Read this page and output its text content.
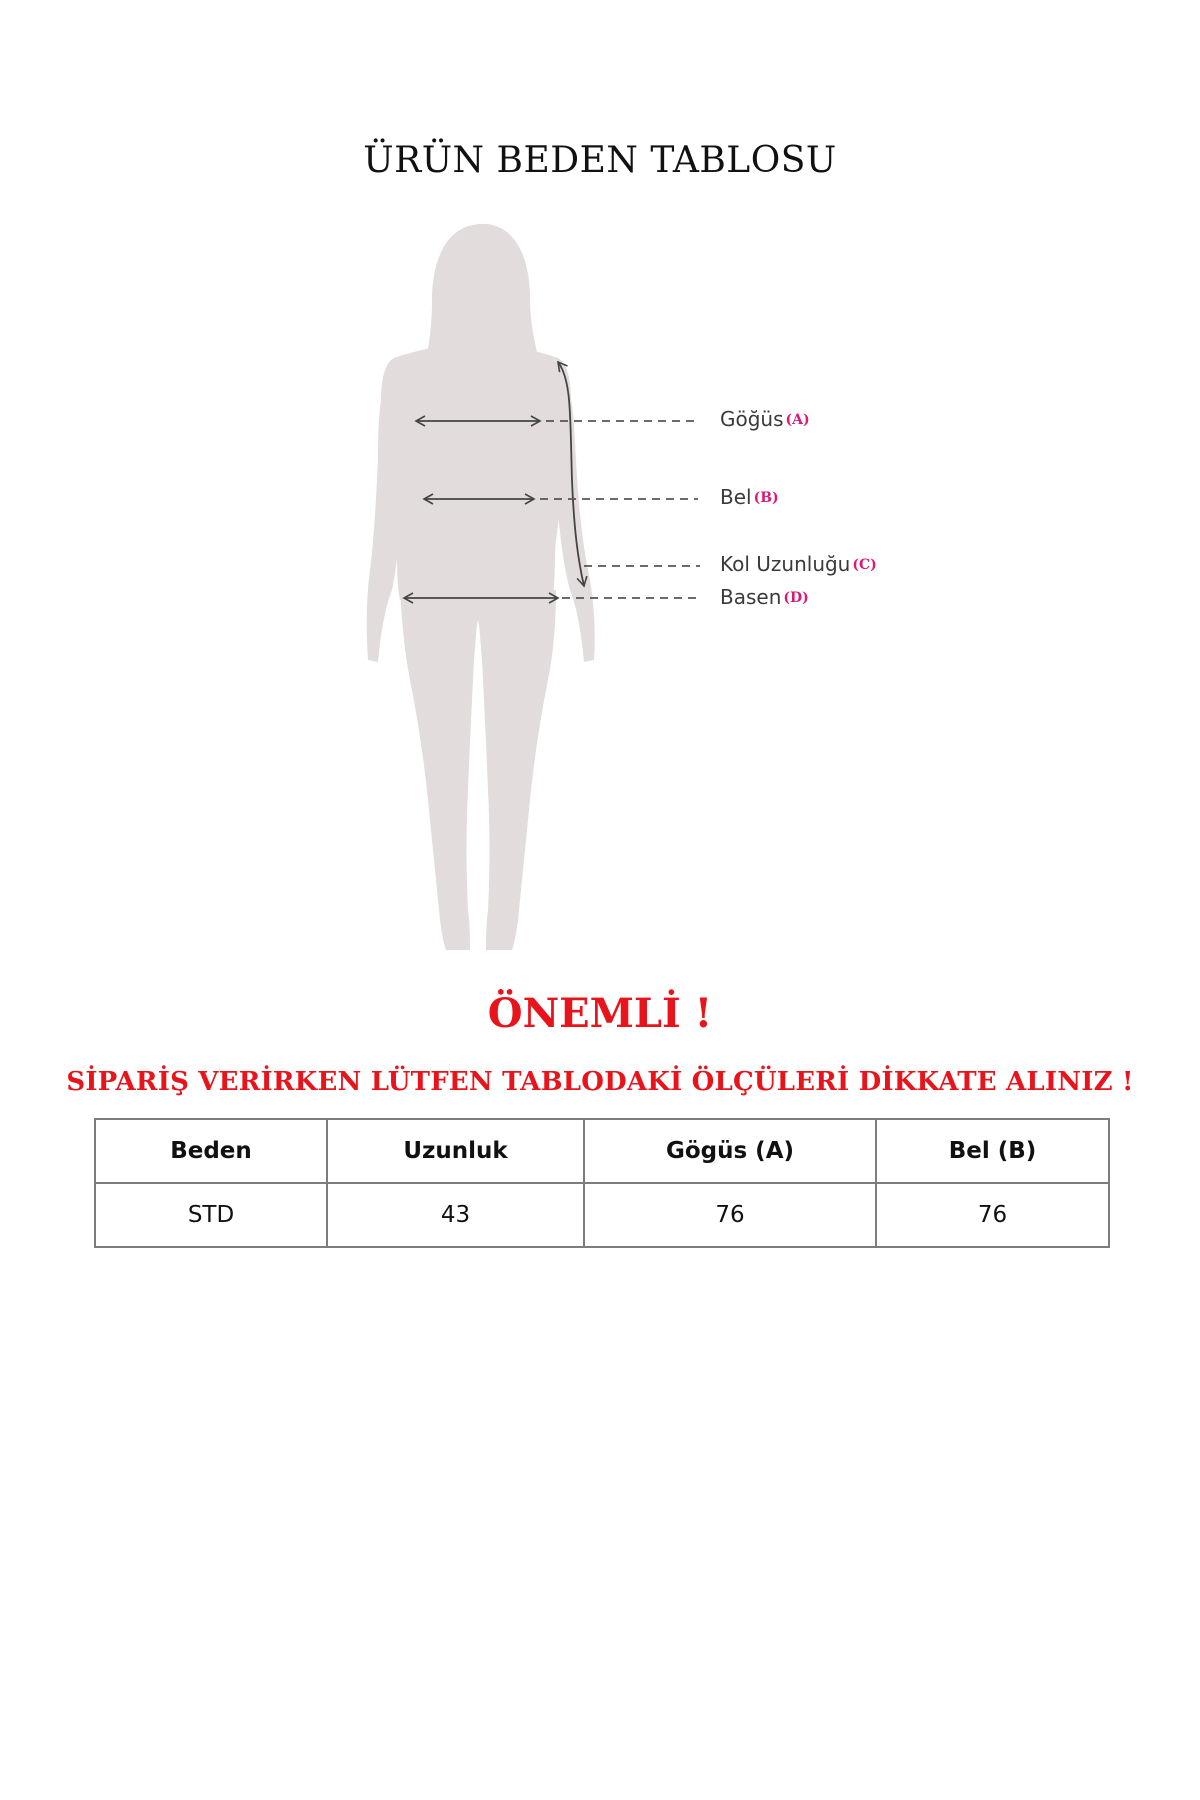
ÜRÜN BEDEN TABLOSU
Göğüs (A)
Bel (B)
Kol Uzunluğu (C)
Basen (D)
ÖNEMLİ !
SİPARİŞ VERİRKEN LÜTFEN TABLODAKİ ÖLÇÜLERİ DİKKATE ALINIZ !
Beden	Uzunluk	Gögüs (A)	Bel (B)
STD	43	76	76
